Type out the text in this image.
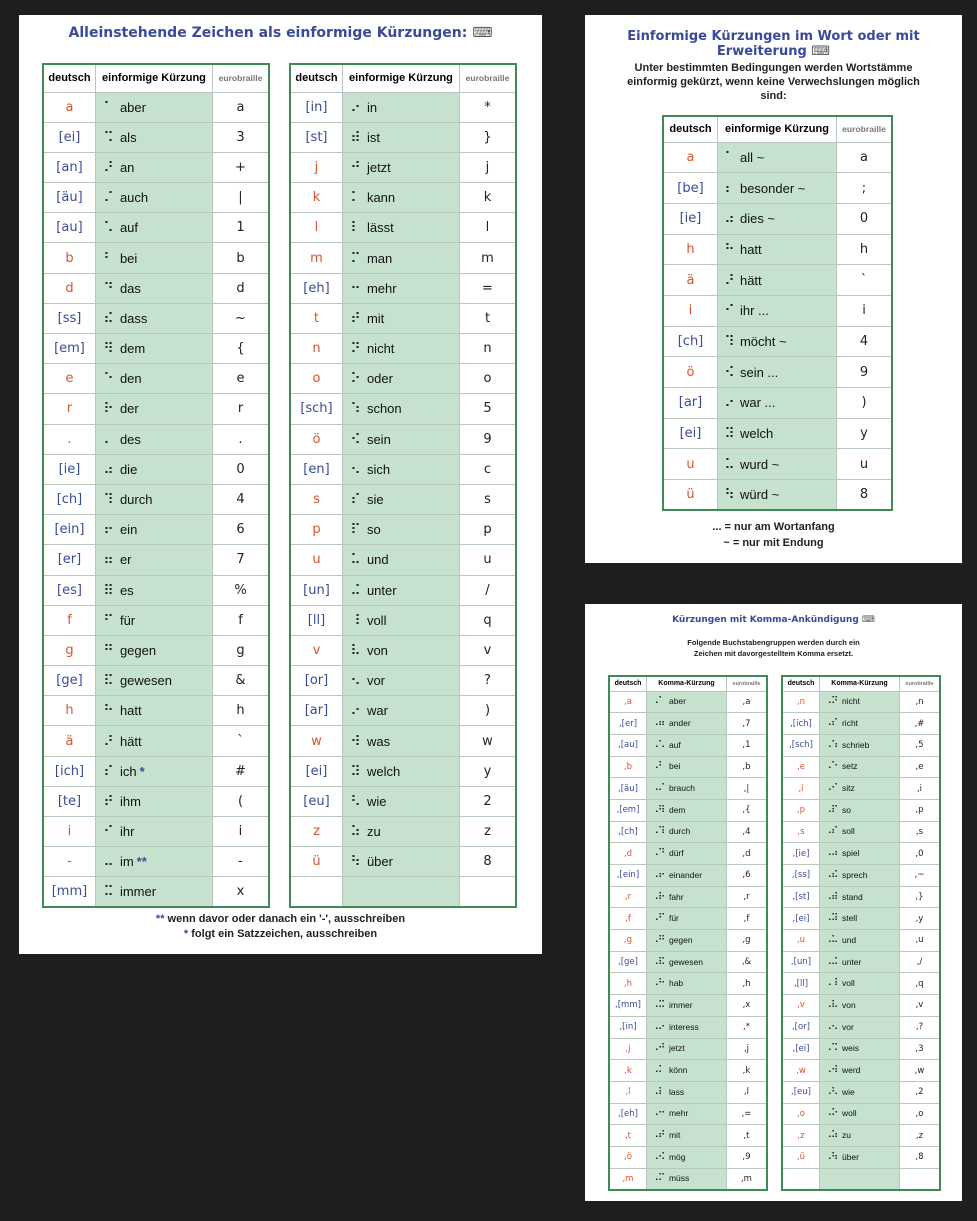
Alleinstehende Zeichen als einformige Kürzungen: ⌨
deutsch	einformige Kürzung	eurobraille
a	⠁ aber	a
[ei]	⠩ als	3
[an]	⠜ an	+
[äu]	⠌ auch	|
[au]	⠡ auf	1
b	⠃ bei	b
d	⠙ das	d
[ss]	⠮ dass	~
[em]	⠻ dem	{
e	⠑ den	e
r	⠗ der	r
.	⠄ des	.
[ie]	⠴ die	0
[ch]	⠹ durch	4
[ein]	⠖ ein	6
[er]	⠶ er	7
[es]	⠿ es	%
f	⠋ für	f
g	⠛ gegen	g
[ge]	⠯ gewesen	&
h	⠓ hatt	h
ä	⠜ hätt	`
[ich]	⠎ ich *	#
[te]	⠞ ihm	(
i	⠊ ihr	i
-	⠤ im **	-
[mm]	⠭ immer	x
deutsch	einformige Kürzung	eurobraille
[in]	⠔ in	*
[st]	⠾ ist	}
j	⠚ jetzt	j
k	⠅ kann	k
l	⠇ lässt	l
m	⠍ man	m
[eh]	⠒ mehr	=
t	⠞ mit	t
n	⠝ nicht	n
o	⠕ oder	o
[sch]	⠱ schon	5
ö	⠪ sein	9
[en]	⠢ sich	c
s	⠎ sie	s
p	⠏ so	p
u	⠥ und	u
[un]	⠬ unter	/
[ll]	⠸ voll	q
v	⠧ von	v
[or]	⠢ vor	?
[ar]	⠔ war	)
w	⠺ was	w
[ei]	⠽ welch	y
[eu]	⠣ wie	2
z	⠵ zu	z
ü	⠳ über	8

** wenn davor oder danach ein '-', ausschreiben
* folgt ein Satzzeichen, ausschreiben
Einformige Kürzungen im Wort oder mit Erweiterung ⌨
Unter bestimmten Bedingungen werden Wortstämme einformig gekürzt, wenn keine Verwechslungen möglich sind:
deutsch	einformige Kürzung	eurobraille
a	⠁ all ~	a
[be]	⠆ besonder ~	;
[ie]	⠴ dies ~	0
h	⠓ hatt	h
ä	⠜ hätt	`
i	⠊ ihr ...	i
[ch]	⠹ möcht ~	4
ö	⠪ sein ...	9
[ar]	⠔ war ...	)
[ei]	⠽ welch	y
u	⠥ wurd ~	u
ü	⠳ würd ~	8
... = nur am Wortanfang
~ = nur mit Endung
Kürzungen mit Komma-Ankündigung ⌨
Folgende Buchstabengruppen werden durch ein
Zeichen mit davorgestelltem Komma ersetzt.
deutsch	Komma-Kürzung	eurobraille
,a	⠠⠁ aber	,a
,[er]	⠠⠶ ander	,7
,[au]	⠠⠡ auf	,1
,b	⠠⠃ bei	,b
,[äu]	⠠⠌ brauch	,|
,[em]	⠠⠻ dem	,{
,[ch]	⠠⠹ durch	,4
,d	⠠⠙ dürf	,d
,[ein]	⠠⠖ einander	,6
,r	⠠⠗ fahr	,r
,f	⠠⠋ für	,f
,g	⠠⠛ gegen	,g
,[ge]	⠠⠯ gewesen	,&
,h	⠠⠓ hab	,h
,[mm]	⠠⠭ immer	,x
,[in]	⠠⠔ interess	,*
,j	⠠⠚ jetzt	,j
,k	⠠⠅ könn	,k
,l	⠠⠇ lass	,l
,[eh]	⠠⠒ mehr	,=
,t	⠠⠞ mit	,t
,ö	⠠⠪ mög	,9
,m	⠠⠍ müss	,m
deutsch	Komma-Kürzung	eurobraille
,n	⠠⠝ nicht	,n
,[ich]	⠠⠎ richt	,#
,[sch]	⠠⠱ schrieb	,5
,e	⠠⠑ setz	,e
,i	⠠⠊ sitz	,i
,p	⠠⠏ so	,p
,s	⠠⠎ soll	,s
,[ie]	⠠⠴ spiel	,0
,[ss]	⠠⠮ sprech	,~
,[st]	⠠⠾ stand	,}
,[ei]	⠠⠽ stell	,y
,u	⠠⠥ und	,u
,[un]	⠠⠬ unter	,/
,[ll]	⠠⠸ voll	,q
,v	⠠⠧ von	,v
,[or]	⠠⠢ vor	,?
,[ei]	⠠⠩ weis	,3
,w	⠠⠺ werd	,w
,[eu]	⠠⠣ wie	,2
,o	⠠⠕ woll	,o
,z	⠠⠵ zu	,z
,ü	⠠⠳ über	,8
